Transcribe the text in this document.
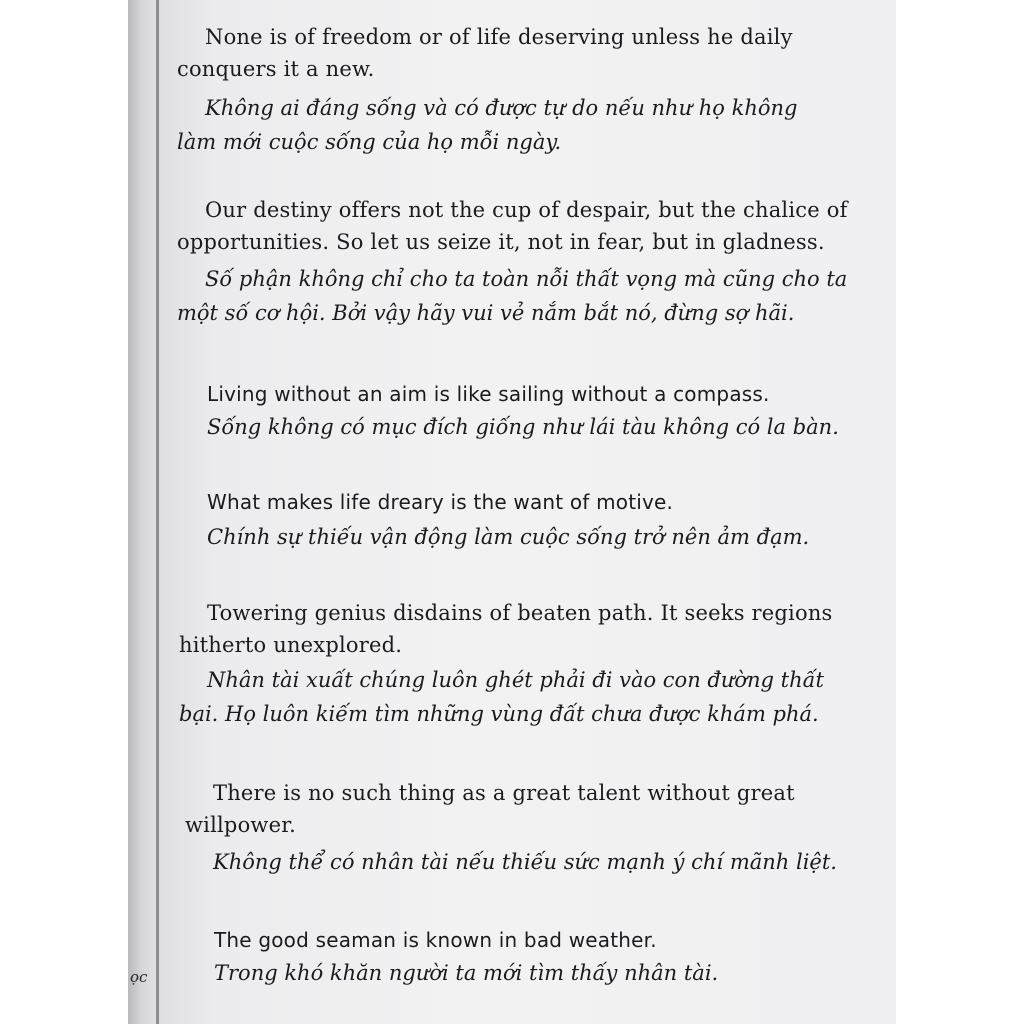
ọc

None is of freedom or of life deserving unless he daily

conquers it a new.

Không ai đáng sống và có được tự do nếu như họ không

làm mới cuộc sống của họ mỗi ngày.

Our destiny offers not the cup of despair, but the chalice of

opportunities. So let us seize it, not in fear, but in gladness.

Số phận không chỉ cho ta toàn nỗi thất vọng mà cũng cho ta

một số cơ hội. Bởi vậy hãy vui vẻ nắm bắt nó, đừng sợ hãi.

Living without an aim is like sailing without a compass.

Sống không có mục đích giống như lái tàu không có la bàn.

What makes life dreary is the want of motive.

Chính sự thiếu vận động làm cuộc sống trở nên ảm đạm.

Towering genius disdains of beaten path. It seeks regions

hitherto unexplored.

Nhân tài xuất chúng luôn ghét phải đi vào con đường thất

bại. Họ luôn kiếm tìm những vùng đất chưa được khám phá.

There is no such thing as a great talent without great

willpower.

Không thể có nhân tài nếu thiếu sức mạnh ý chí mãnh liệt.

The good seaman is known in bad weather.

Trong khó khăn người ta mới tìm thấy nhân tài.
